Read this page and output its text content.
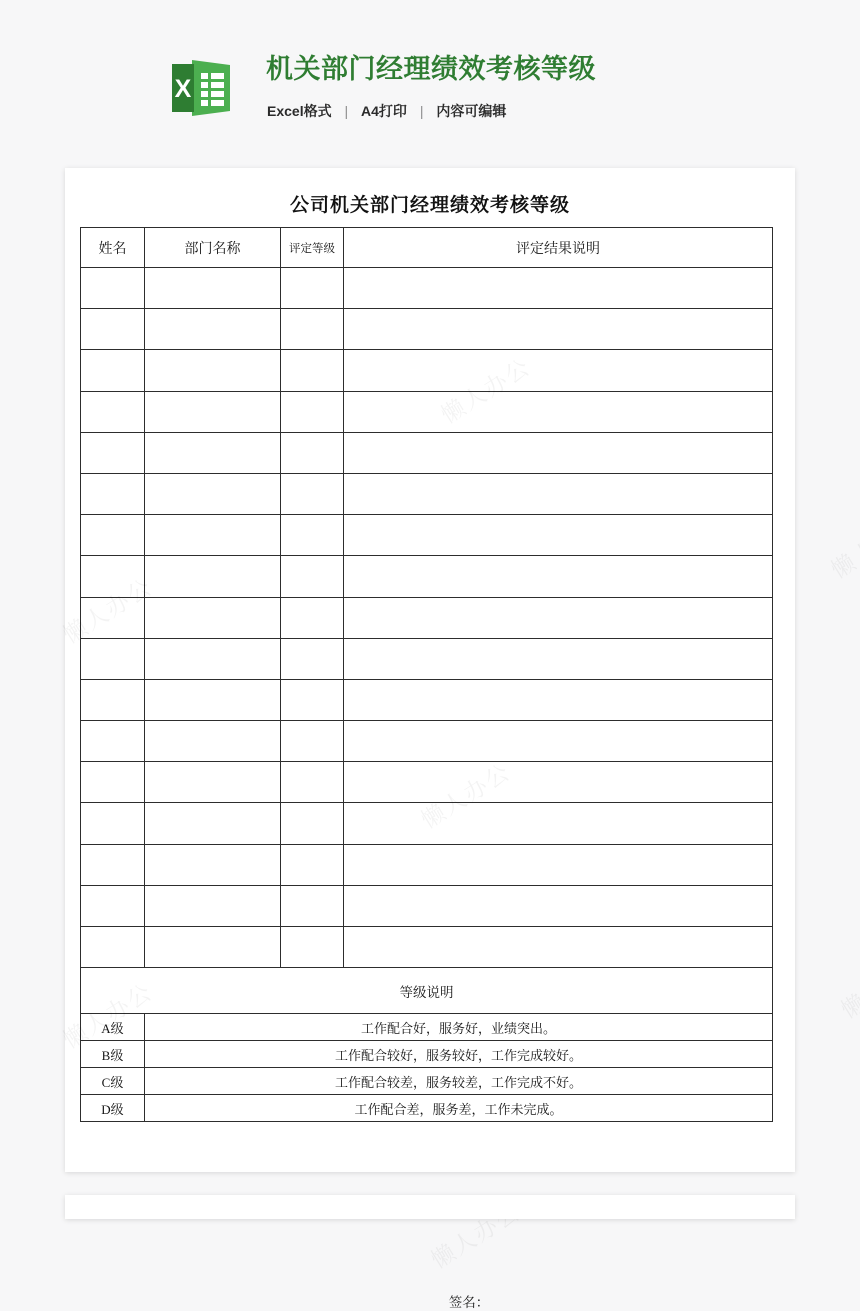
X
机关部门经理绩效考核等级
Excel格式 | A4打印 | 内容可编辑
公司机关部门经理绩效考核等级
姓名	部门名称	评定等级	评定结果说明

等级说明			
A级	工作配合好，服务好，业绩突出。		
B级	工作配合较好，服务较好，工作完成较好。		
C级	工作配合较差，服务较差，工作完成不好。		
D级	工作配合差，服务差，工作未完成。		
签名：
